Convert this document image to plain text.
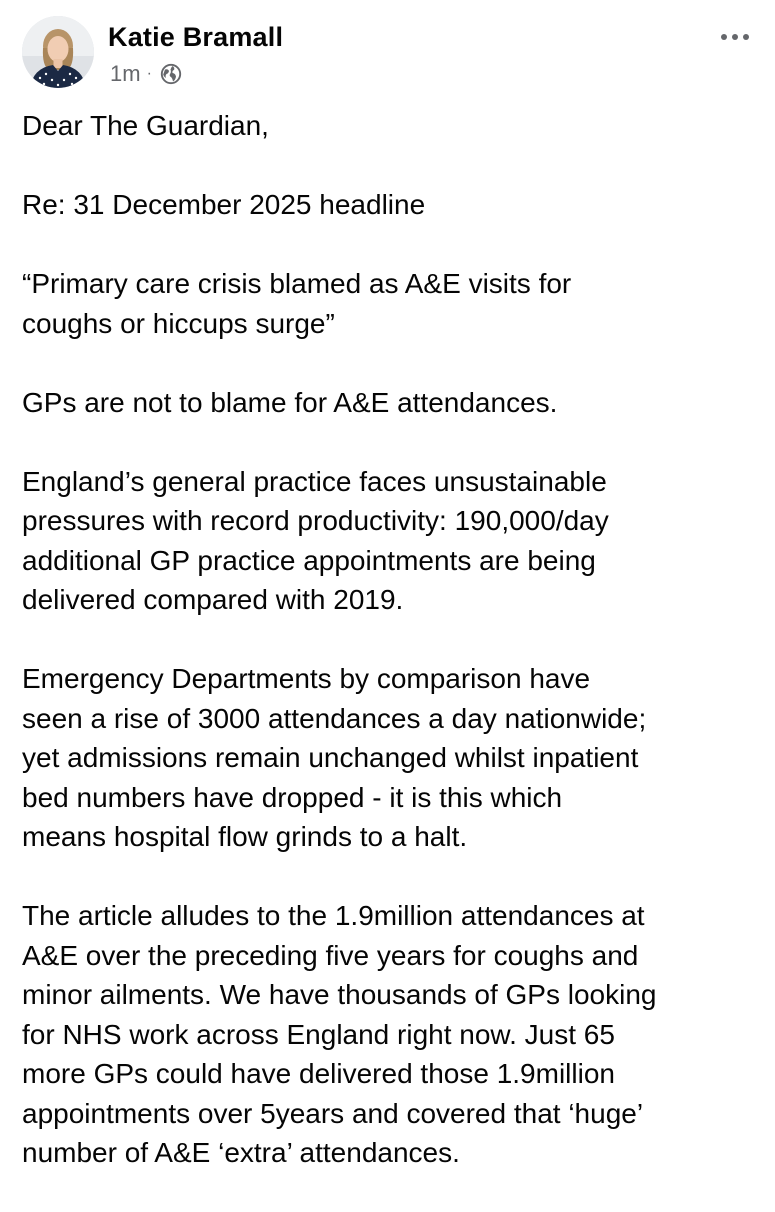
Katie Bramall
1m ·

Dear The Guardian,

Re: 31 December 2025 headline

“Primary care crisis blamed as A&E visits for
coughs or hiccups surge”

GPs are not to blame for A&E attendances.

England’s general practice faces unsustainable
pressures with record productivity: 190,000/day
additional GP practice appointments are being
delivered compared with 2019.

Emergency Departments by comparison have
seen a rise of 3000 attendances a day nationwide;
yet admissions remain unchanged whilst inpatient
bed numbers have dropped - it is this which
means hospital flow grinds to a halt.

The article alludes to the 1.9million attendances at
A&E over the preceding five years for coughs and
minor ailments. We have thousands of GPs looking
for NHS work across England right now. Just 65
more GPs could have delivered those 1.9million
appointments over 5years and covered that ‘huge’
number of A&E ‘extra’ attendances.
